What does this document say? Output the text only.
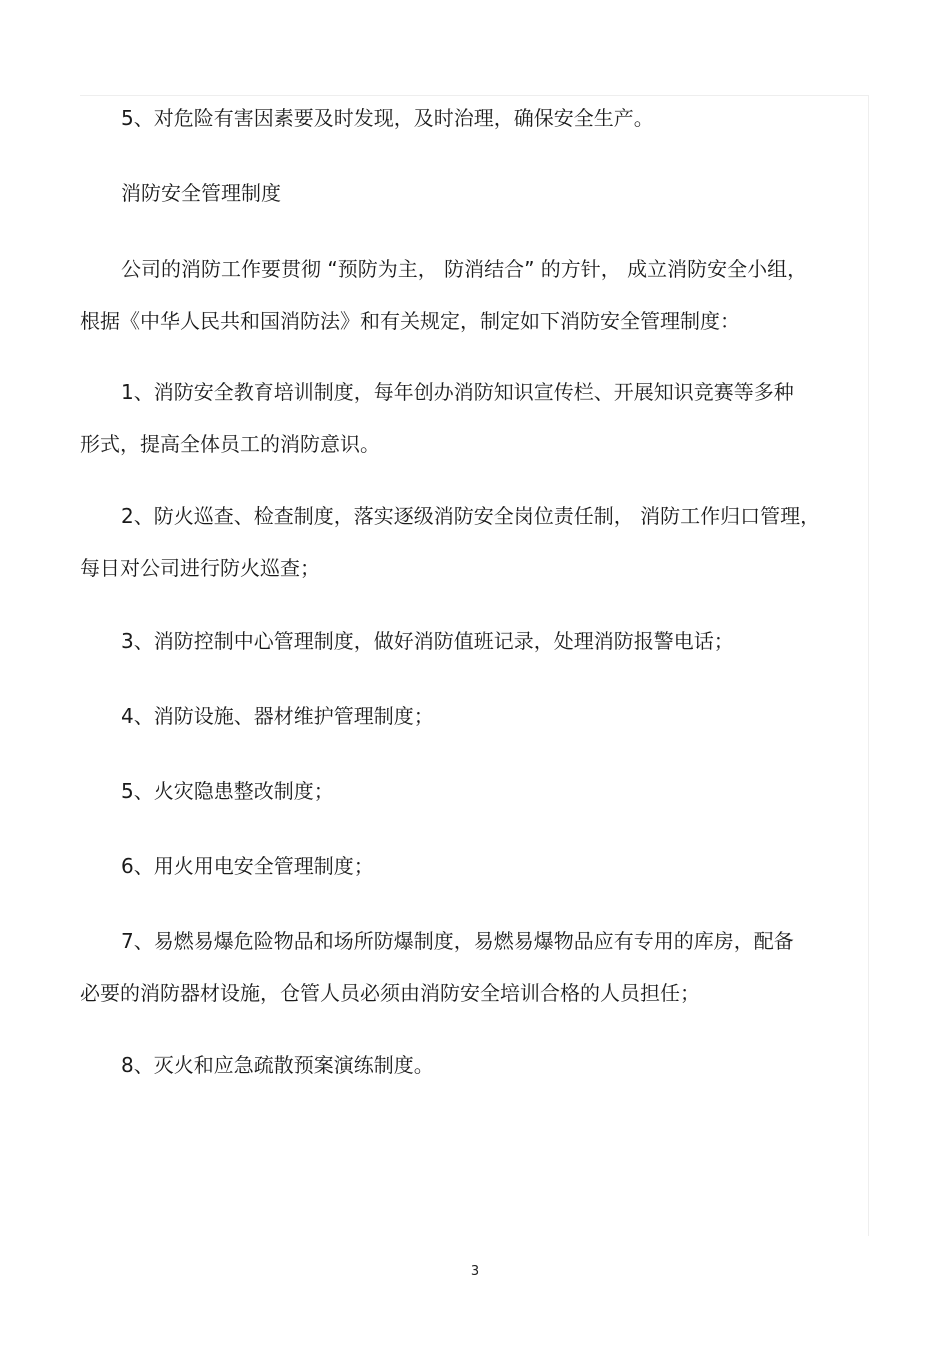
5、对危险有害因素要及时发现，及时治理，确保安全生产。

消防安全管理制度

公司的消防工作要贯彻 “预防为主， 防消结合” 的方针， 成立消防安全小组，
根据《中华人民共和国消防法》和有关规定，制定如下消防安全管理制度：

1、消防安全教育培训制度，每年创办消防知识宣传栏、开展知识竞赛等多种
形式，提高全体员工的消防意识。

2、防火巡查、检查制度，落实逐级消防安全岗位责任制， 消防工作归口管理，
每日对公司进行防火巡查；

3、消防控制中心管理制度，做好消防值班记录，处理消防报警电话；

4、消防设施、器材维护管理制度；

5、火灾隐患整改制度；

6、用火用电安全管理制度；

7、易燃易爆危险物品和场所防爆制度，易燃易爆物品应有专用的库房，配备
必要的消防器材设施，仓管人员必须由消防安全培训合格的人员担任；

8、灭火和应急疏散预案演练制度。

3
